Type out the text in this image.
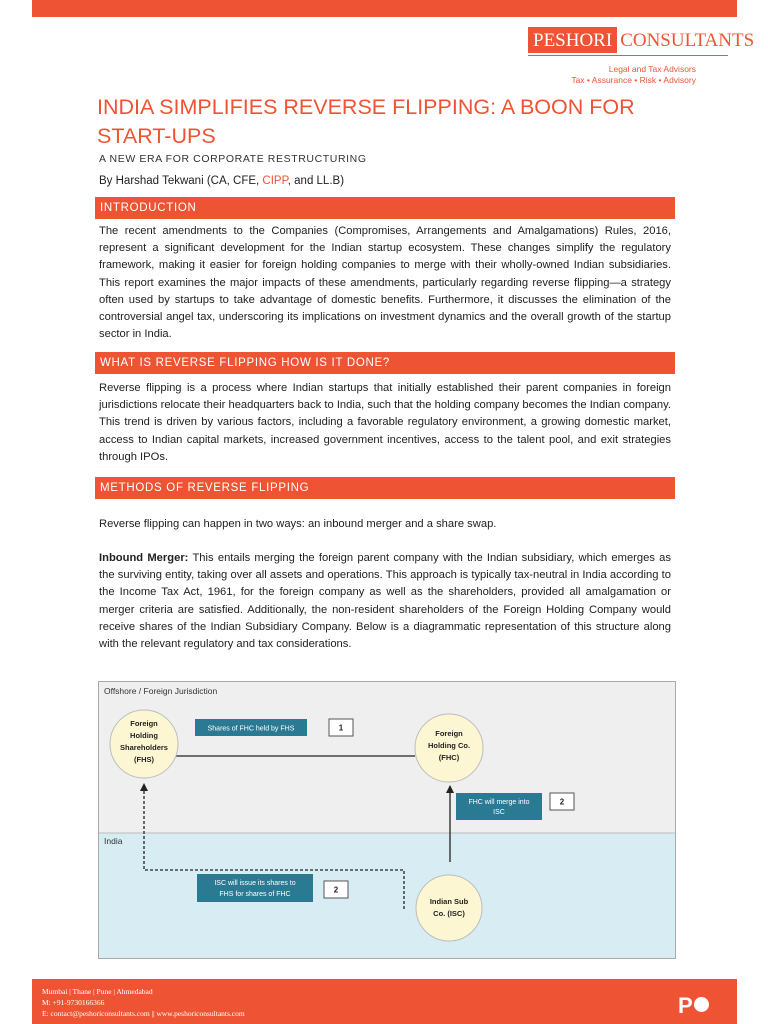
PESHORI CONSULTANTS
Legal and Tax Advisors
Tax • Assurance • Risk • Advisory
INDIA SIMPLIFIES REVERSE FLIPPING: A BOON FOR START-UPS
A NEW ERA FOR CORPORATE RESTRUCTURING
By Harshad Tekwani (CA, CFE, CIPP, and LL.B)
INTRODUCTION

The recent amendments to the Companies (Compromises, Arrangements and Amalgamations) Rules, 2016, represent a significant development for the Indian startup ecosystem. These changes simplify the regulatory framework, making it easier for foreign holding companies to merge with their wholly-owned Indian subsidiaries. This report examines the major impacts of these amendments, particularly regarding reverse flipping—a strategy often used by startups to take advantage of domestic benefits. Furthermore, it discusses the elimination of the controversial angel tax, underscoring its implications on investment dynamics and the overall growth of the startup sector in India.

WHAT IS REVERSE FLIPPING HOW IS IT DONE?

Reverse flipping is a process where Indian startups that initially established their parent companies in foreign jurisdictions relocate their headquarters back to India, such that the holding company becomes the Indian company. This trend is driven by various factors, including a favorable regulatory environment, a growing domestic market, access to Indian capital markets, increased government incentives, access to the talent pool, and exit strategies through IPOs.

METHODS OF REVERSE FLIPPING

Reverse flipping can happen in two ways: an inbound merger and a share swap.

Inbound Merger: This entails merging the foreign parent company with the Indian subsidiary, which emerges as the surviving entity, taking over all assets and operations. This approach is typically tax-neutral in India according to the Income Tax Act, 1961, for the foreign company as well as the shareholders, provided all amalgamation or merger criteria are satisfied. Additionally, the non-resident shareholders of the Foreign Holding Company would receive shares of the Indian Subsidiary Company. Below is a diagrammatic representation of this structure along with the relevant regulatory and tax considerations.

Offshore / Foreign Jurisdiction
India
Foreign
Holding
Shareholders
(FHS)
Foreign
Holding Co.
(FHC)
Indian Sub
Co. (ISC)
Shares of FHC held by FHS	1
FHC will merge into
ISC
2
ISC will issue its shares to
FHS for shares of FHC	2
Mumbai | Thane | Pune | Ahmedabad
M: +91-9730166366
E: contact@peshoriconsultants.com || www.peshoriconsultants.com	P
